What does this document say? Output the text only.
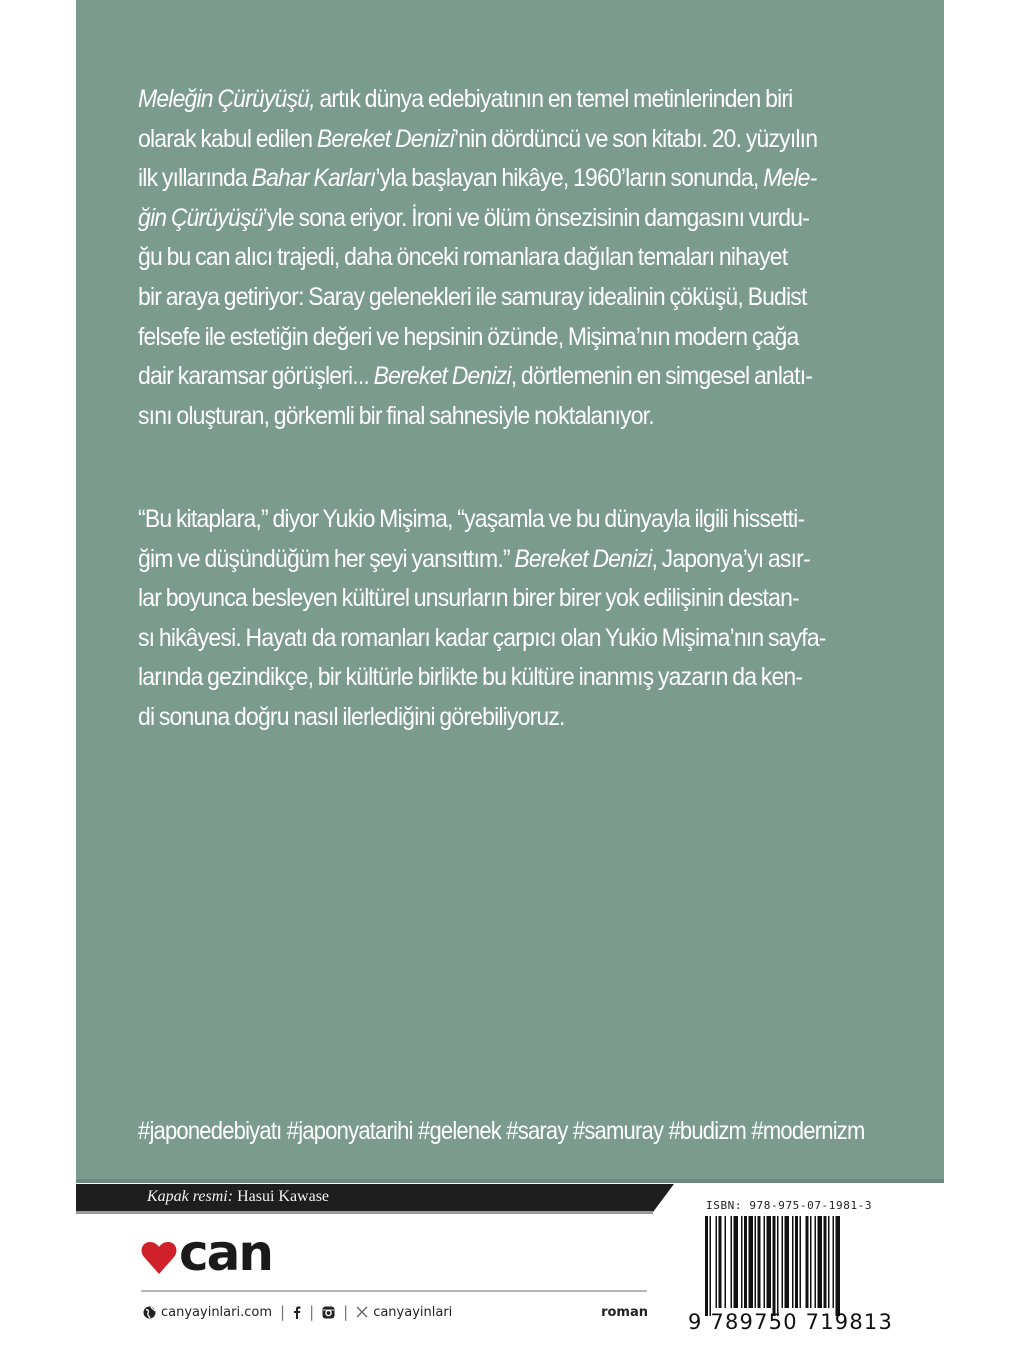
Meleğin Çürüyüşü, artık dünya edebiyatının en temel metinlerinden biri
olarak kabul edilen Bereket Denizi’nin dördüncü ve son kitabı. 20. yüzyılın
ilk yıllarında Bahar Karları’yla başlayan hikâye, 1960’ların sonunda, Mele-
ğin Çürüyüşü’yle sona eriyor. İroni ve ölüm önsezisinin damgasını vurdu-
ğu bu can alıcı trajedi, daha önceki romanlara dağılan temaları nihayet
bir araya getiriyor: Saray gelenekleri ile samuray idealinin çöküşü, Budist
felsefe ile estetiğin değeri ve hepsinin özünde, Mişima’nın modern çağa
dair karamsar görüşleri... Bereket Denizi, dörtlemenin en simgesel anlatı-
sını oluşturan, görkemli bir final sahnesiyle noktalanıyor.
“Bu kitaplara,” diyor Yukio Mişima, “yaşamla ve bu dünyayla ilgili hissetti-
ğim ve düşündüğüm her şeyi yansıttım.” Bereket Denizi, Japonya’yı asır-
lar boyunca besleyen kültürel unsurların birer birer yok edilişinin destan-
sı hikâyesi. Hayatı da romanları kadar çarpıcı olan Yukio Mişima’nın sayfa-
larında gezindikçe, bir kültürle birlikte bu kültüre inanmış yazarın da ken-
di sonuna doğru nasıl ilerlediğini görebiliyoruz.
#japonedebiyatı #japonyatarihi #gelenek #saray #samuray #budizm #modernizm
Kapak resmi: Hasui Kawase
can
canyayinlari.com | | | canyayinlari	roman
ISBN: 978-975-07-1981-3
9 789750 719813
